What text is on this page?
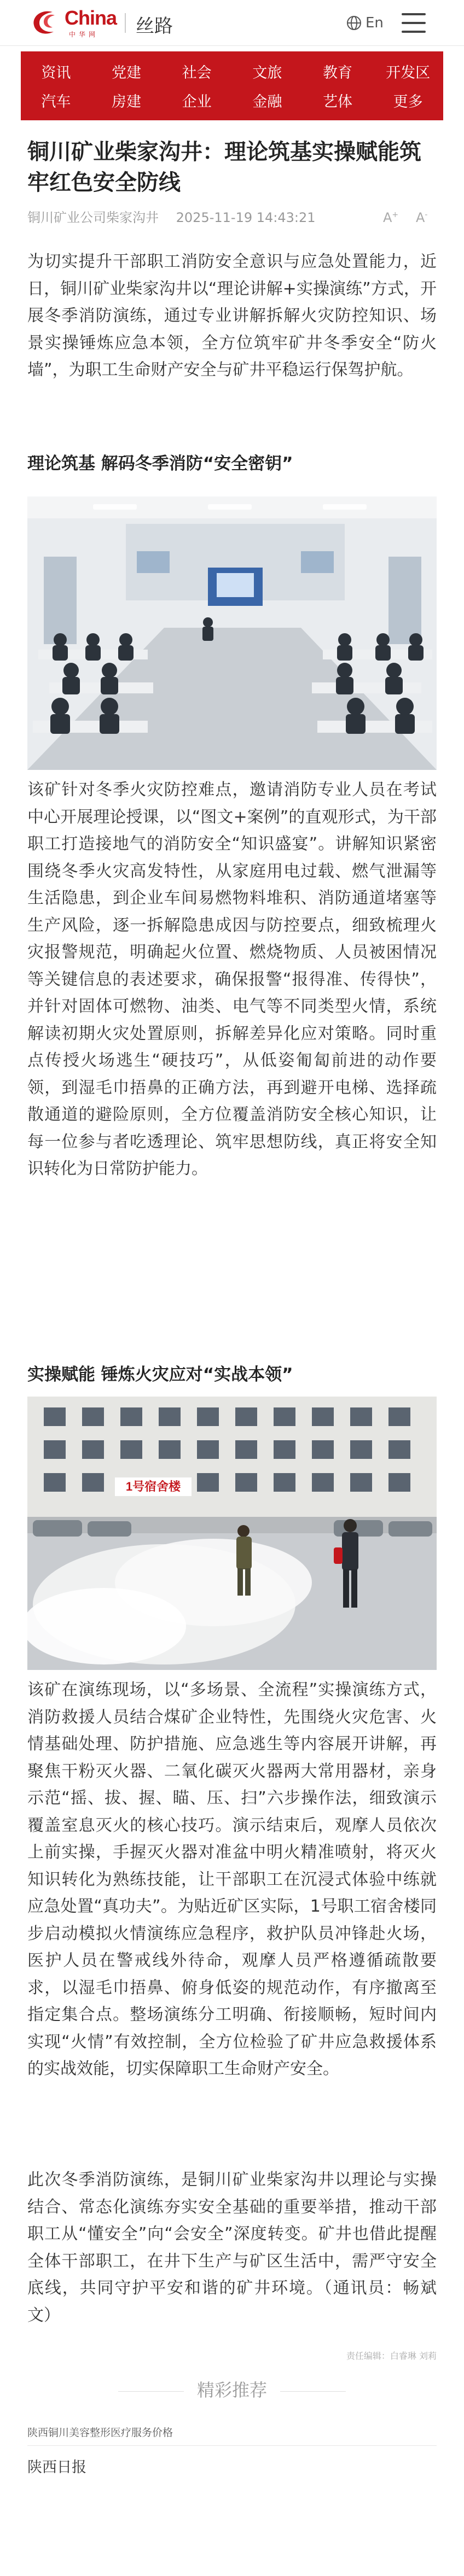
China
中华网 丝路	En
资讯	党建	社会	文旅	教育	开发区
汽车	房建	企业	金融	艺体	更多
铜川矿业柴家沟井：理论筑基实操赋能筑牢红色安全防线
铜川矿业公司柴家沟井 2025-11-19 14:43:21	A+ A-

为切实提升干部职工消防安全意识与应急处置能力，近日，铜川矿业柴家沟井以“理论讲解+实操演练”方式，开展冬季消防演练，通过专业讲解拆解火灾防控知识、场景实操锤炼应急本领，全方位筑牢矿井冬季安全“防火墙”，为职工生命财产安全与矿井平稳运行保驾护航。

理论筑基 解码冬季消防“安全密钥”

该矿针对冬季火灾防控难点，邀请消防专业人员在考试中心开展理论授课，以“图文+案例”的直观形式，为干部职工打造接地气的消防安全“知识盛宴”。讲解知识紧密围绕冬季火灾高发特性，从家庭用电过载、燃气泄漏等生活隐患，到企业车间易燃物料堆积、消防通道堵塞等生产风险，逐一拆解隐患成因与防控要点，细致梳理火灾报警规范，明确起火位置、燃烧物质、人员被困情况等关键信息的表述要求，确保报警“报得准、传得快”，并针对固体可燃物、油类、电气等不同类型火情，系统解读初期火灾处置原则，拆解差异化应对策略。同时重点传授火场逃生“硬技巧”，从低姿匍匐前进的动作要领，到湿毛巾捂鼻的正确方法，再到避开电梯、选择疏散通道的避险原则，全方位覆盖消防安全核心知识，让每一位参与者吃透理论、筑牢思想防线，真正将安全知识转化为日常防护能力。

实操赋能 锤炼火灾应对“实战本领”
1号宿舍楼

该矿在演练现场，以“多场景、全流程”实操演练方式，消防救援人员结合煤矿企业特性，先围绕火灾危害、火情基础处理、防护措施、应急逃生等内容展开讲解，再聚焦干粉灭火器、二氧化碳灭火器两大常用器材，亲身示范“摇、拔、握、瞄、压、扫”六步操作法，细致演示覆盖室息灭火的核心技巧。演示结束后，观摩人员依次上前实操，手握灭火器对准盆中明火精准喷射，将灭火知识转化为熟练技能，让干部职工在沉浸式体验中练就应急处置“真功夫”。为贴近矿区实际，1号职工宿舍楼同步启动模拟火情演练应急程序，救护队员冲锋赴火场，医护人员在警戒线外待命，观摩人员严格遵循疏散要求，以湿毛巾捂鼻、俯身低姿的规范动作，有序撤离至指定集合点。整场演练分工明确、衔接顺畅，短时间内实现“火情”有效控制，全方位检验了矿井应急救援体系的实战效能，切实保障职工生命财产安全。

此次冬季消防演练，是铜川矿业柴家沟井以理论与实操结合、常态化演练夯实安全基础的重要举措，推动干部职工从“懂安全”向“会安全”深度转变。矿井也借此提醒全体干部职工，在井下生产与矿区生活中，需严守安全底线，共同守护平安和谐的矿井环境。（通讯员：畅斌文）

责任编辑：白睿琳 刘莉
精彩推荐
陕西铜川美容整形医疗服务价格
陕西日报
